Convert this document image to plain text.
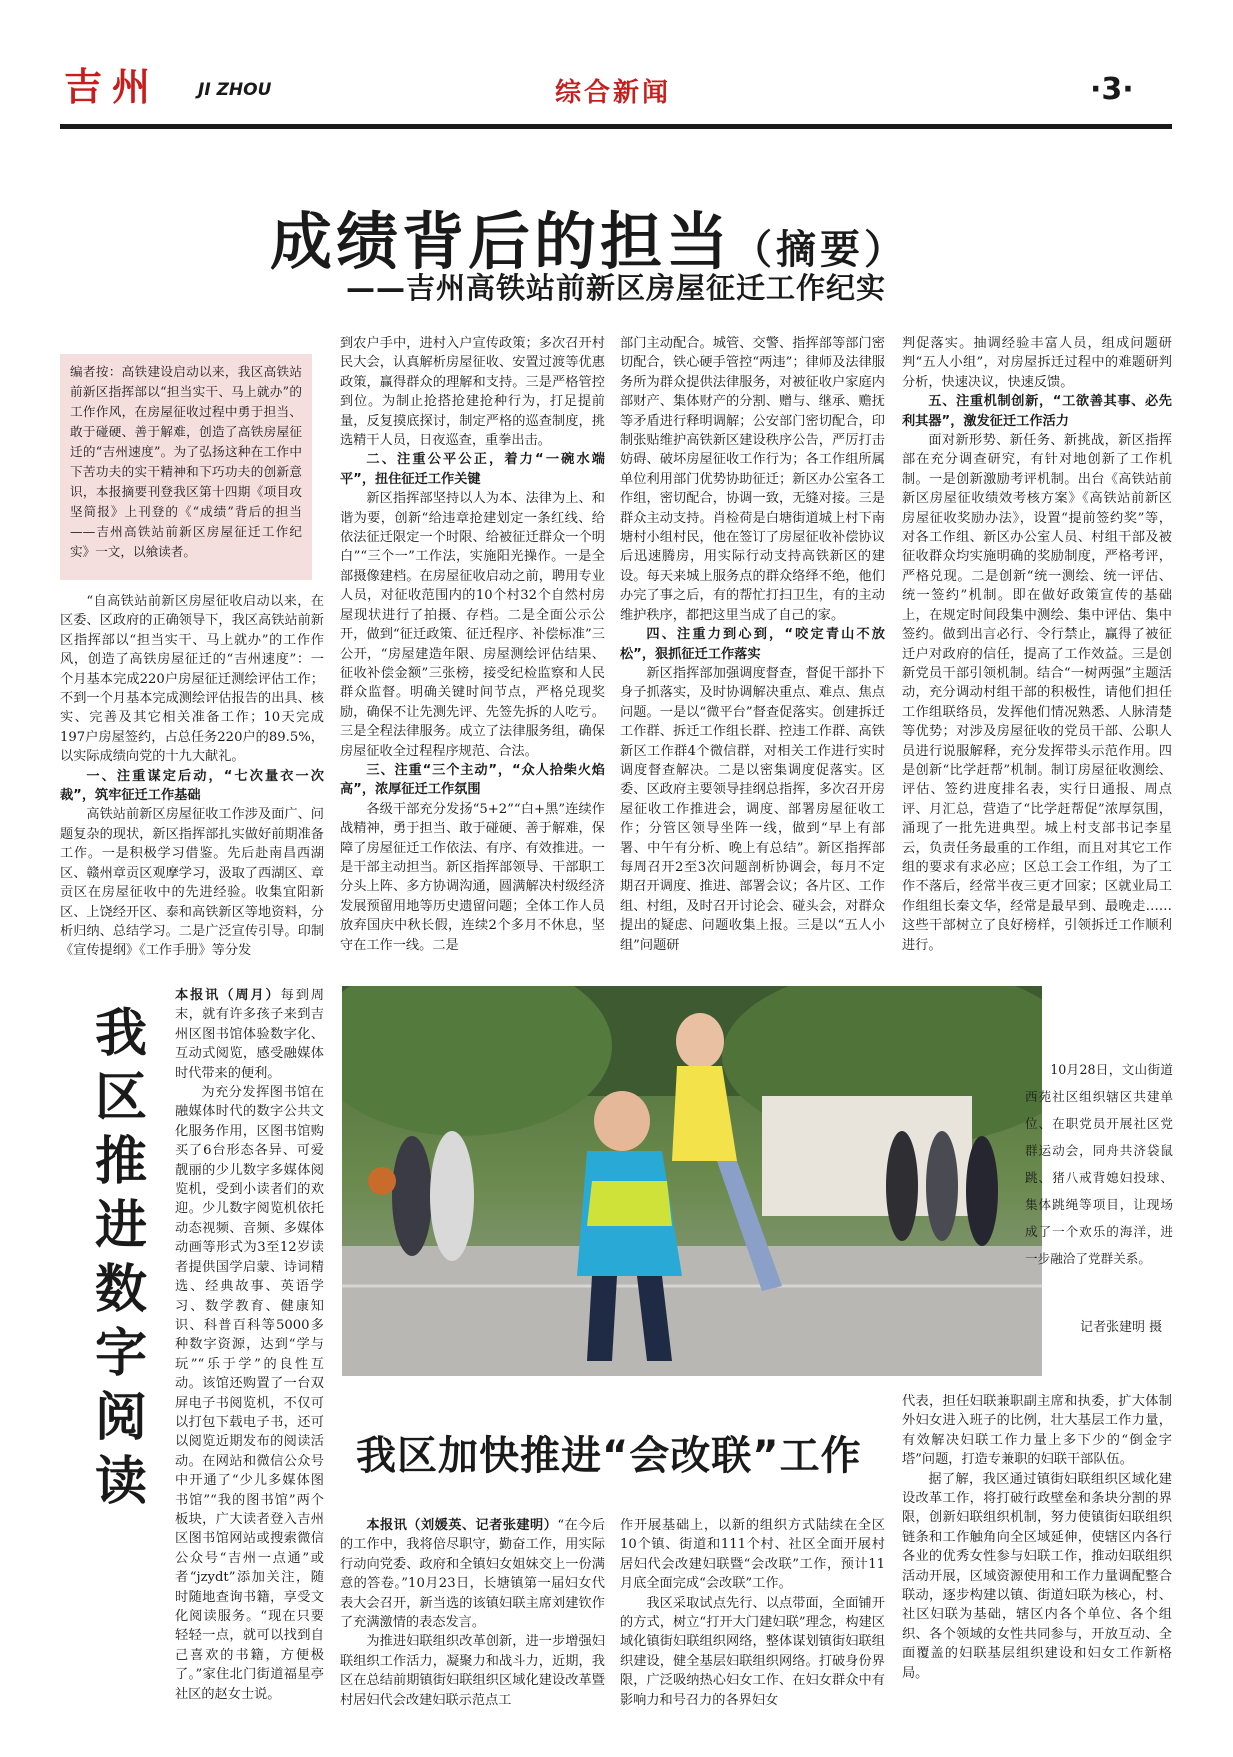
吉州 JI ZHOU	综合新闻	·3·
成绩背后的担当（摘要）
——吉州高铁站前新区房屋征迁工作纪实
编者按：高铁建设启动以来，我区高铁站前新区指挥部以“担当实干、马上就办”的工作作风，在房屋征收过程中勇于担当、敢于碰硬、善于解难，创造了高铁房屋征迁的“吉州速度”。为了弘扬这种在工作中下苦功夫的实干精神和下巧功夫的创新意识，本报摘要刊登我区第十四期《项目攻坚简报》上刊登的《“成绩”背后的担当——吉州高铁站前新区房屋征迁工作纪实》一文，以飨读者。

“自高铁站前新区房屋征收启动以来，在区委、区政府的正确领导下，我区高铁站前新区指挥部以“担当实干、马上就办”的工作作风，创造了高铁房屋征迁的“吉州速度”：一个月基本完成220户房屋征迁测绘评估工作；不到一个月基本完成测绘评估报告的出具、核实、完善及其它相关准备工作；10天完成197户房屋签约，占总任务220户的89.5%，以实际成绩向党的十九大献礼。

一、注重谋定后动，“七次量衣一次裁”，筑牢征迁工作基础

高铁站前新区房屋征收工作涉及面广、问题复杂的现状，新区指挥部扎实做好前期准备工作。一是积极学习借鉴。先后赴南昌西湖区、赣州章贡区观摩学习，汲取了西湖区、章贡区在房屋征收中的先进经验。收集宜阳新区、上饶经开区、泰和高铁新区等地资料，分析归纳、总结学习。二是广泛宣传引导。印制《宣传提纲》《工作手册》等分发

到农户手中，进村入户宣传政策；多次召开村民大会，认真解析房屋征收、安置过渡等优惠政策，赢得群众的理解和支持。三是严格管控到位。为制止抢搭抢建抢种行为，打足提前量，反复摸底探讨，制定严格的巡查制度，挑选精干人员，日夜巡查，重拳出击。

二、注重公平公正，着力“一碗水端平”，扭住征迁工作关键

新区指挥部坚持以人为本、法律为上、和谐为要，创新“给违章抢建划定一条红线、给依法征迁限定一个时限、给被征迁群众一个明白”“三个一”工作法，实施阳光操作。一是全部摄像建档。在房屋征收启动之前，聘用专业人员，对征收范围内的10个村32个自然村房屋现状进行了拍摄、存档。二是全面公示公开，做到“征迁政策、征迁程序、补偿标准”三公开，“房屋建造年限、房屋测绘评估结果、征收补偿金额”三张榜，接受纪检监察和人民群众监督。明确关键时间节点，严格兑现奖励，确保不让先测先评、先签先拆的人吃亏。三是全程法律服务。成立了法律服务组，确保房屋征收全过程程序规范、合法。

三、注重“三个主动”，“众人拾柴火焰高”，浓厚征迁工作氛围

各级干部充分发扬“5+2”“白+黑”连续作战精神，勇于担当、敢于碰硬、善于解难，保障了房屋征迁工作依法、有序、有效推进。一是干部主动担当。新区指挥部领导、干部职工分头上阵、多方协调沟通，圆满解决村级经济发展预留用地等历史遗留问题；全体工作人员放弃国庆中秋长假，连续2个多月不休息，坚守在工作一线。二是

部门主动配合。城管、交警、指挥部等部门密切配合，铁心硬手管控“两违”；律师及法律服务所为群众提供法律服务，对被征收户家庭内部财产、集体财产的分割、赠与、继承、赡抚等矛盾进行释明调解；公安部门密切配合，印制张贴维护高铁新区建设秩序公告，严厉打击妨碍、破坏房屋征收工作行为；各工作组所属单位利用部门优势协助征迁；新区办公室各工作组，密切配合，协调一致，无缝对接。三是群众主动支持。肖检荷是白塘街道城上村下南塘村小组村民，他在签订了房屋征收补偿协议后迅速腾房，用实际行动支持高铁新区的建设。每天来城上服务点的群众络绎不绝，他们办完了事之后，有的帮忙打扫卫生，有的主动维护秩序，都把这里当成了自己的家。

四、注重力到心到，“咬定青山不放松”，狠抓征迁工作落实

新区指挥部加强调度督查，督促干部扑下身子抓落实，及时协调解决重点、难点、焦点问题。一是以“微平台”督查促落实。创建拆迁工作群、拆迁工作组长群、控违工作群、高铁新区工作群4个微信群，对相关工作进行实时调度督查解决。二是以密集调度促落实。区委、区政府主要领导挂纲总指挥，多次召开房屋征收工作推进会，调度、部署房屋征收工作；分管区领导坐阵一线，做到“早上有部署、中午有分析、晚上有总结”。新区指挥部每周召开2至3次问题剖析协调会，每月不定期召开调度、推进、部署会议；各片区、工作组、村组，及时召开讨论会、碰头会，对群众提出的疑虑、问题收集上报。三是以“五人小组”问题研

判促落实。抽调经验丰富人员，组成问题研判“五人小组”，对房屋拆迁过程中的难题研判分析，快速决议，快速反馈。

五、注重机制创新，“工欲善其事、必先利其器”，激发征迁工作活力

面对新形势、新任务、新挑战，新区指挥部在充分调查研究，有针对地创新了工作机制。一是创新激励考评机制。出台《高铁站前新区房屋征收绩效考核方案》《高铁站前新区房屋征收奖励办法》，设置“提前签约奖”等，对各工作组、新区办公室人员、村组干部及被征收群众均实施明确的奖励制度，严格考评，严格兑现。二是创新“统一测绘、统一评估、统一签约”机制。即在做好政策宣传的基础上，在规定时间段集中测绘、集中评估、集中签约。做到出言必行、令行禁止，赢得了被征迁户对政府的信任，提高了工作效益。三是创新党员干部引领机制。结合“一树两强”主题活动，充分调动村组干部的积极性，请他们担任工作组联络员，发挥他们情况熟悉、人脉清楚等优势；对涉及房屋征收的党员干部、公职人员进行说服解释，充分发挥带头示范作用。四是创新“比学赶帮”机制。制订房屋征收测绘、评估、签约进度排名表，实行日通报、周点评、月汇总，营造了“比学赶帮促”浓厚氛围，涌现了一批先进典型。城上村支部书记李星云，负责任务最重的工作组，而且对其它工作组的要求有求必应；区总工会工作组，为了工作不落后，经常半夜三更才回家；区就业局工作组组长秦文华，经常是最早到、最晚走……这些干部树立了良好榜样，引领拆迁工作顺利进行。

我区推进数字阅读

本报讯（周月）每到周末，就有许多孩子来到吉州区图书馆体验数字化、互动式阅览，感受融媒体时代带来的便利。

为充分发挥图书馆在融媒体时代的数字公共文化服务作用，区图书馆购买了6台形态各异、可爱靓丽的少儿数字多媒体阅览机，受到小读者们的欢迎。少儿数字阅览机依托动态视频、音频、多媒体动画等形式为3至12岁读者提供国学启蒙、诗词精选、经典故事、英语学习、数学教育、健康知识、科普百科等5000多种数字资源，达到“学与玩”“乐于学”的良性互动。该馆还购置了一台双屏电子书阅览机，不仅可以打包下载电子书，还可以阅览近期发布的阅读活动。在网站和微信公众号中开通了“少儿多媒体图书馆”“我的图书馆”两个板块，广大读者登入吉州区图书馆网站或搜索微信公众号“吉州一点通”或者“jzydt”添加关注，随时随地查询书籍，享受文化阅读服务。“现在只要轻轻一点，就可以找到自己喜欢的书籍，方便极了。”家住北门街道福星亭社区的赵女士说。

10月28日，文山街道西苑社区组织辖区共建单位、在职党员开展社区党群运动会，同舟共济袋鼠跳、猪八戒背媳妇投球、集体跳绳等项目，让现场成了一个欢乐的海洋，进一步融洽了党群关系。
记者张建明 摄
我区加快推进“会改联”工作

本报讯（刘媛英、记者张建明）“在今后的工作中，我将倍尽职守，勤奋工作，用实际行动向党委、政府和全镇妇女姐妹交上一份满意的答卷。”10月23日，长塘镇第一届妇女代表大会召开，新当选的该镇妇联主席刘建钦作了充满激情的表态发言。

为推进妇联组织改革创新，进一步增强妇联组织工作活力，凝聚力和战斗力，近期，我区在总结前期镇街妇联组织区域化建设改革暨村居妇代会改建妇联示范点工

作开展基础上，以新的组织方式陆续在全区10个镇、街道和111个村、社区全面开展村居妇代会改建妇联暨“会改联”工作，预计11月底全面完成“会改联”工作。

我区采取试点先行、以点带面，全面铺开的方式，树立“打开大门建妇联”理念，构建区域化镇街妇联组织网络，整体谋划镇街妇联组织建设，健全基层妇联组织网络。打破身份界限，广泛吸纳热心妇女工作、在妇女群众中有影响力和号召力的各界妇女

代表，担任妇联兼职副主席和执委，扩大体制外妇女进入班子的比例，壮大基层工作力量，有效解决妇联工作力量上多下少的“倒金字塔”问题，打造专兼职的妇联干部队伍。

据了解，我区通过镇街妇联组织区域化建设改革工作，将打破行政壁垒和条块分割的界限，创新妇联组织机制，努力使镇街妇联组织链条和工作触角向全区域延伸，使辖区内各行各业的优秀女性参与妇联工作，推动妇联组织活动开展，区域资源使用和工作力量调配整合联动，逐步构建以镇、街道妇联为核心，村、社区妇联为基础，辖区内各个单位、各个组织、各个领域的女性共同参与，开放互动、全面覆盖的妇联基层组织建设和妇女工作新格局。
